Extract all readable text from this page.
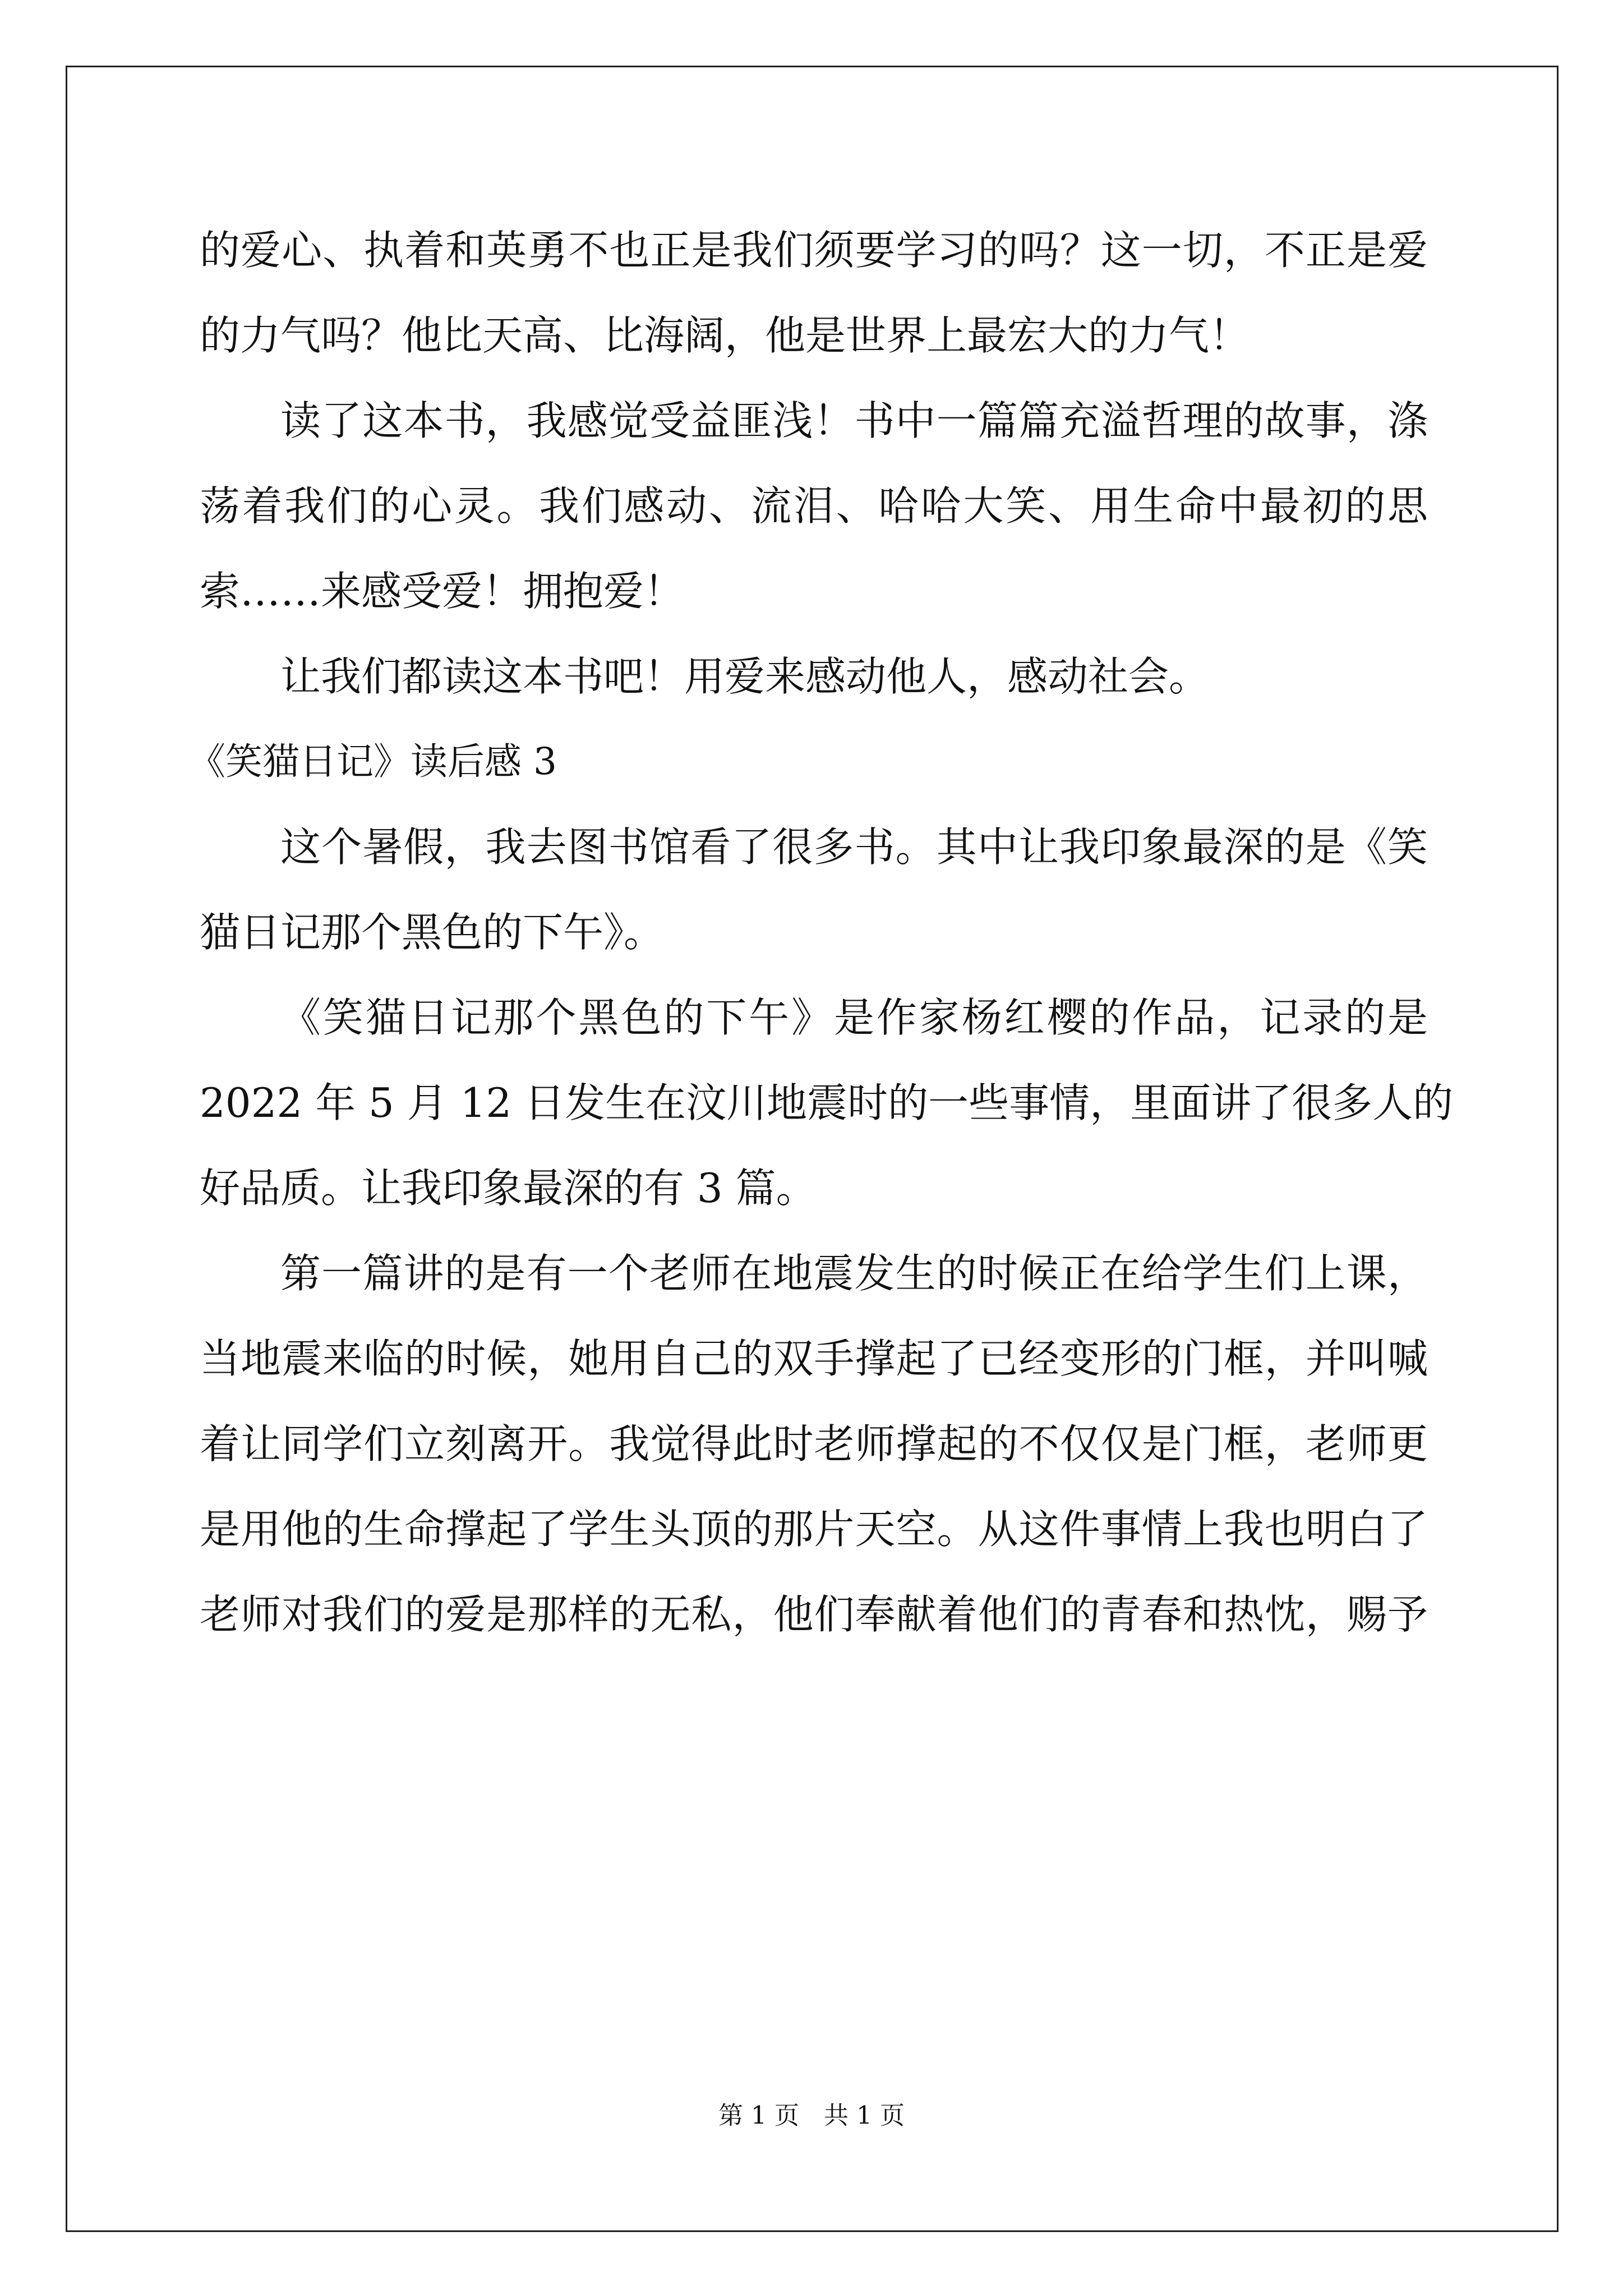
的爱心、执着和英勇不也正是我们须要学习的吗？这一切，不正是爱
的力气吗？他比天高、比海阔，他是世界上最宏大的力气！
读了这本书，我感觉受益匪浅！书中一篇篇充溢哲理的故事，涤
荡着我们的心灵。我们感动、流泪、哈哈大笑、用生命中最初的思
索……来感受爱！拥抱爱！
让我们都读这本书吧！用爱来感动他人，感动社会。
《笑猫日记》读后感 3
这个暑假，我去图书馆看了很多书。其中让我印象最深的是《笑
猫日记那个黑色的下午》。
《笑猫日记那个黑色的下午》是作家杨红樱的作品，记录的是
2022 年 5 月 12 日发生在汶川地震时的一些事情，里面讲了很多人的
好品质。让我印象最深的有 3 篇。
第一篇讲的是有一个老师在地震发生的时候正在给学生们上课，
当地震来临的时候，她用自己的双手撑起了已经变形的门框，并叫喊
着让同学们立刻离开。我觉得此时老师撑起的不仅仅是门框，老师更
是用他的生命撑起了学生头顶的那片天空。从这件事情上我也明白了
老师对我们的爱是那样的无私，他们奉献着他们的青春和热忱，赐予
第 1 页 共 1 页
